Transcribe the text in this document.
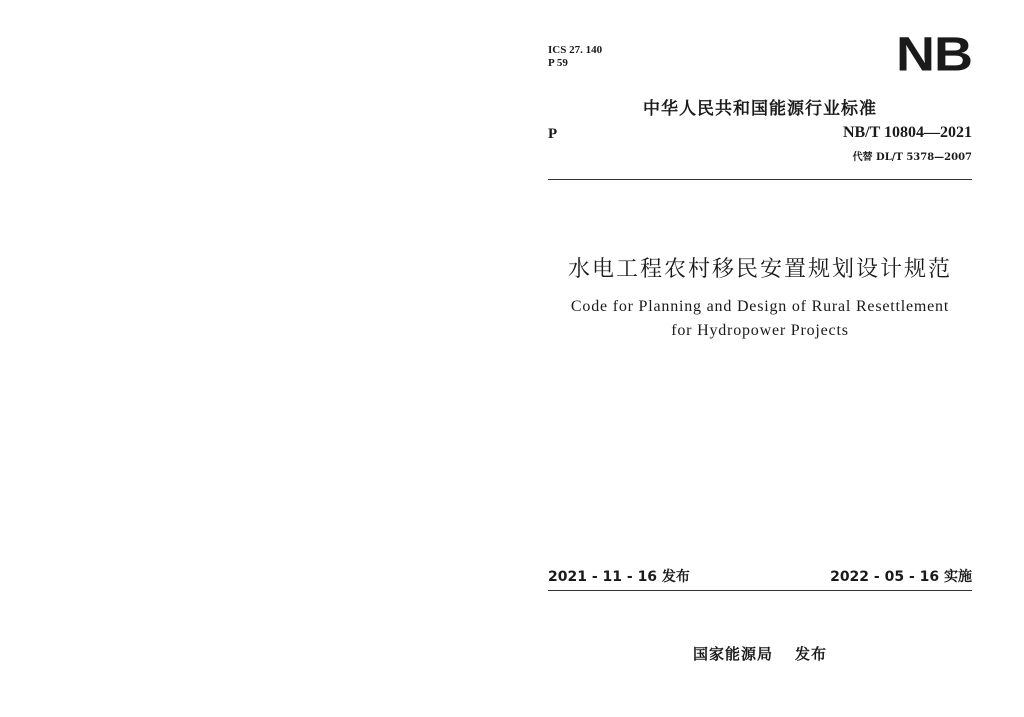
ICS 27. 140
P 59	NB
中华人民共和国能源行业标准
P	NB/T 10804—2021
代替 DL/T 5378—2007
水电工程农村移民安置规划设计规范
Code for Planning and Design of Rural Resettlement
for Hydropower Projects
2021 - 11 - 16 发布	2022 - 05 - 16 实施
国家能源局 发布
